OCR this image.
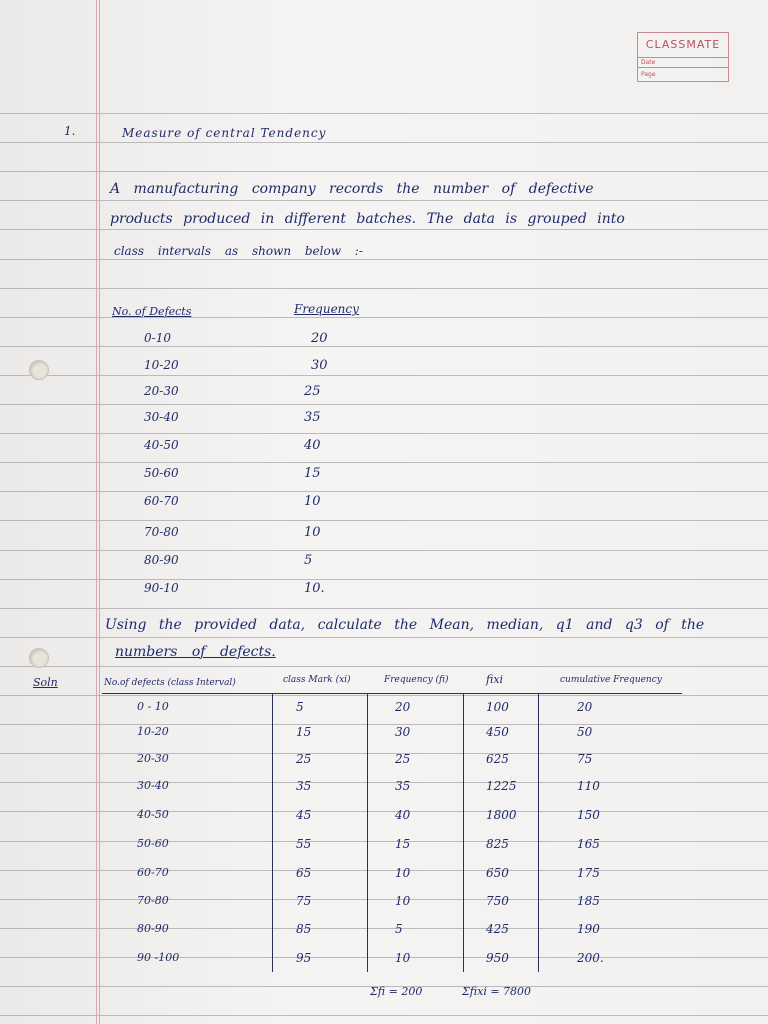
CLASSMATE
Date
Page
1.	Measure of central Tendency
A manufacturing company records the number of defective
products produced in different batches. The data is grouped into
class intervals as shown below :-
No. of Defects	Frequency
0-10	20
10-20	30
20-30	25
30-40	35
40-50	40
50-60	15
60-70	10
70-80	10
80-90	5
90-10	10.
Using the provided data, calculate the Mean, median, q1 and q3 of the
numbers of defects.
Soln	No.of defects (class Interval)	class Mark (xi)	Frequency (fi)	fixi	cumulative Frequency
0 - 10	5	20	100	20
10-20	15	30	450	50
20-30	25	25	625	75
30-40	35	35	1225	110
40-50	45	40	1800	150
50-60	55	15	825	165
60-70	65	10	650	175
70-80	75	10	750	185
80-90	85	5	425	190
90 -100	95	10	950	200.
Σfi = 200	Σfixi = 7800
